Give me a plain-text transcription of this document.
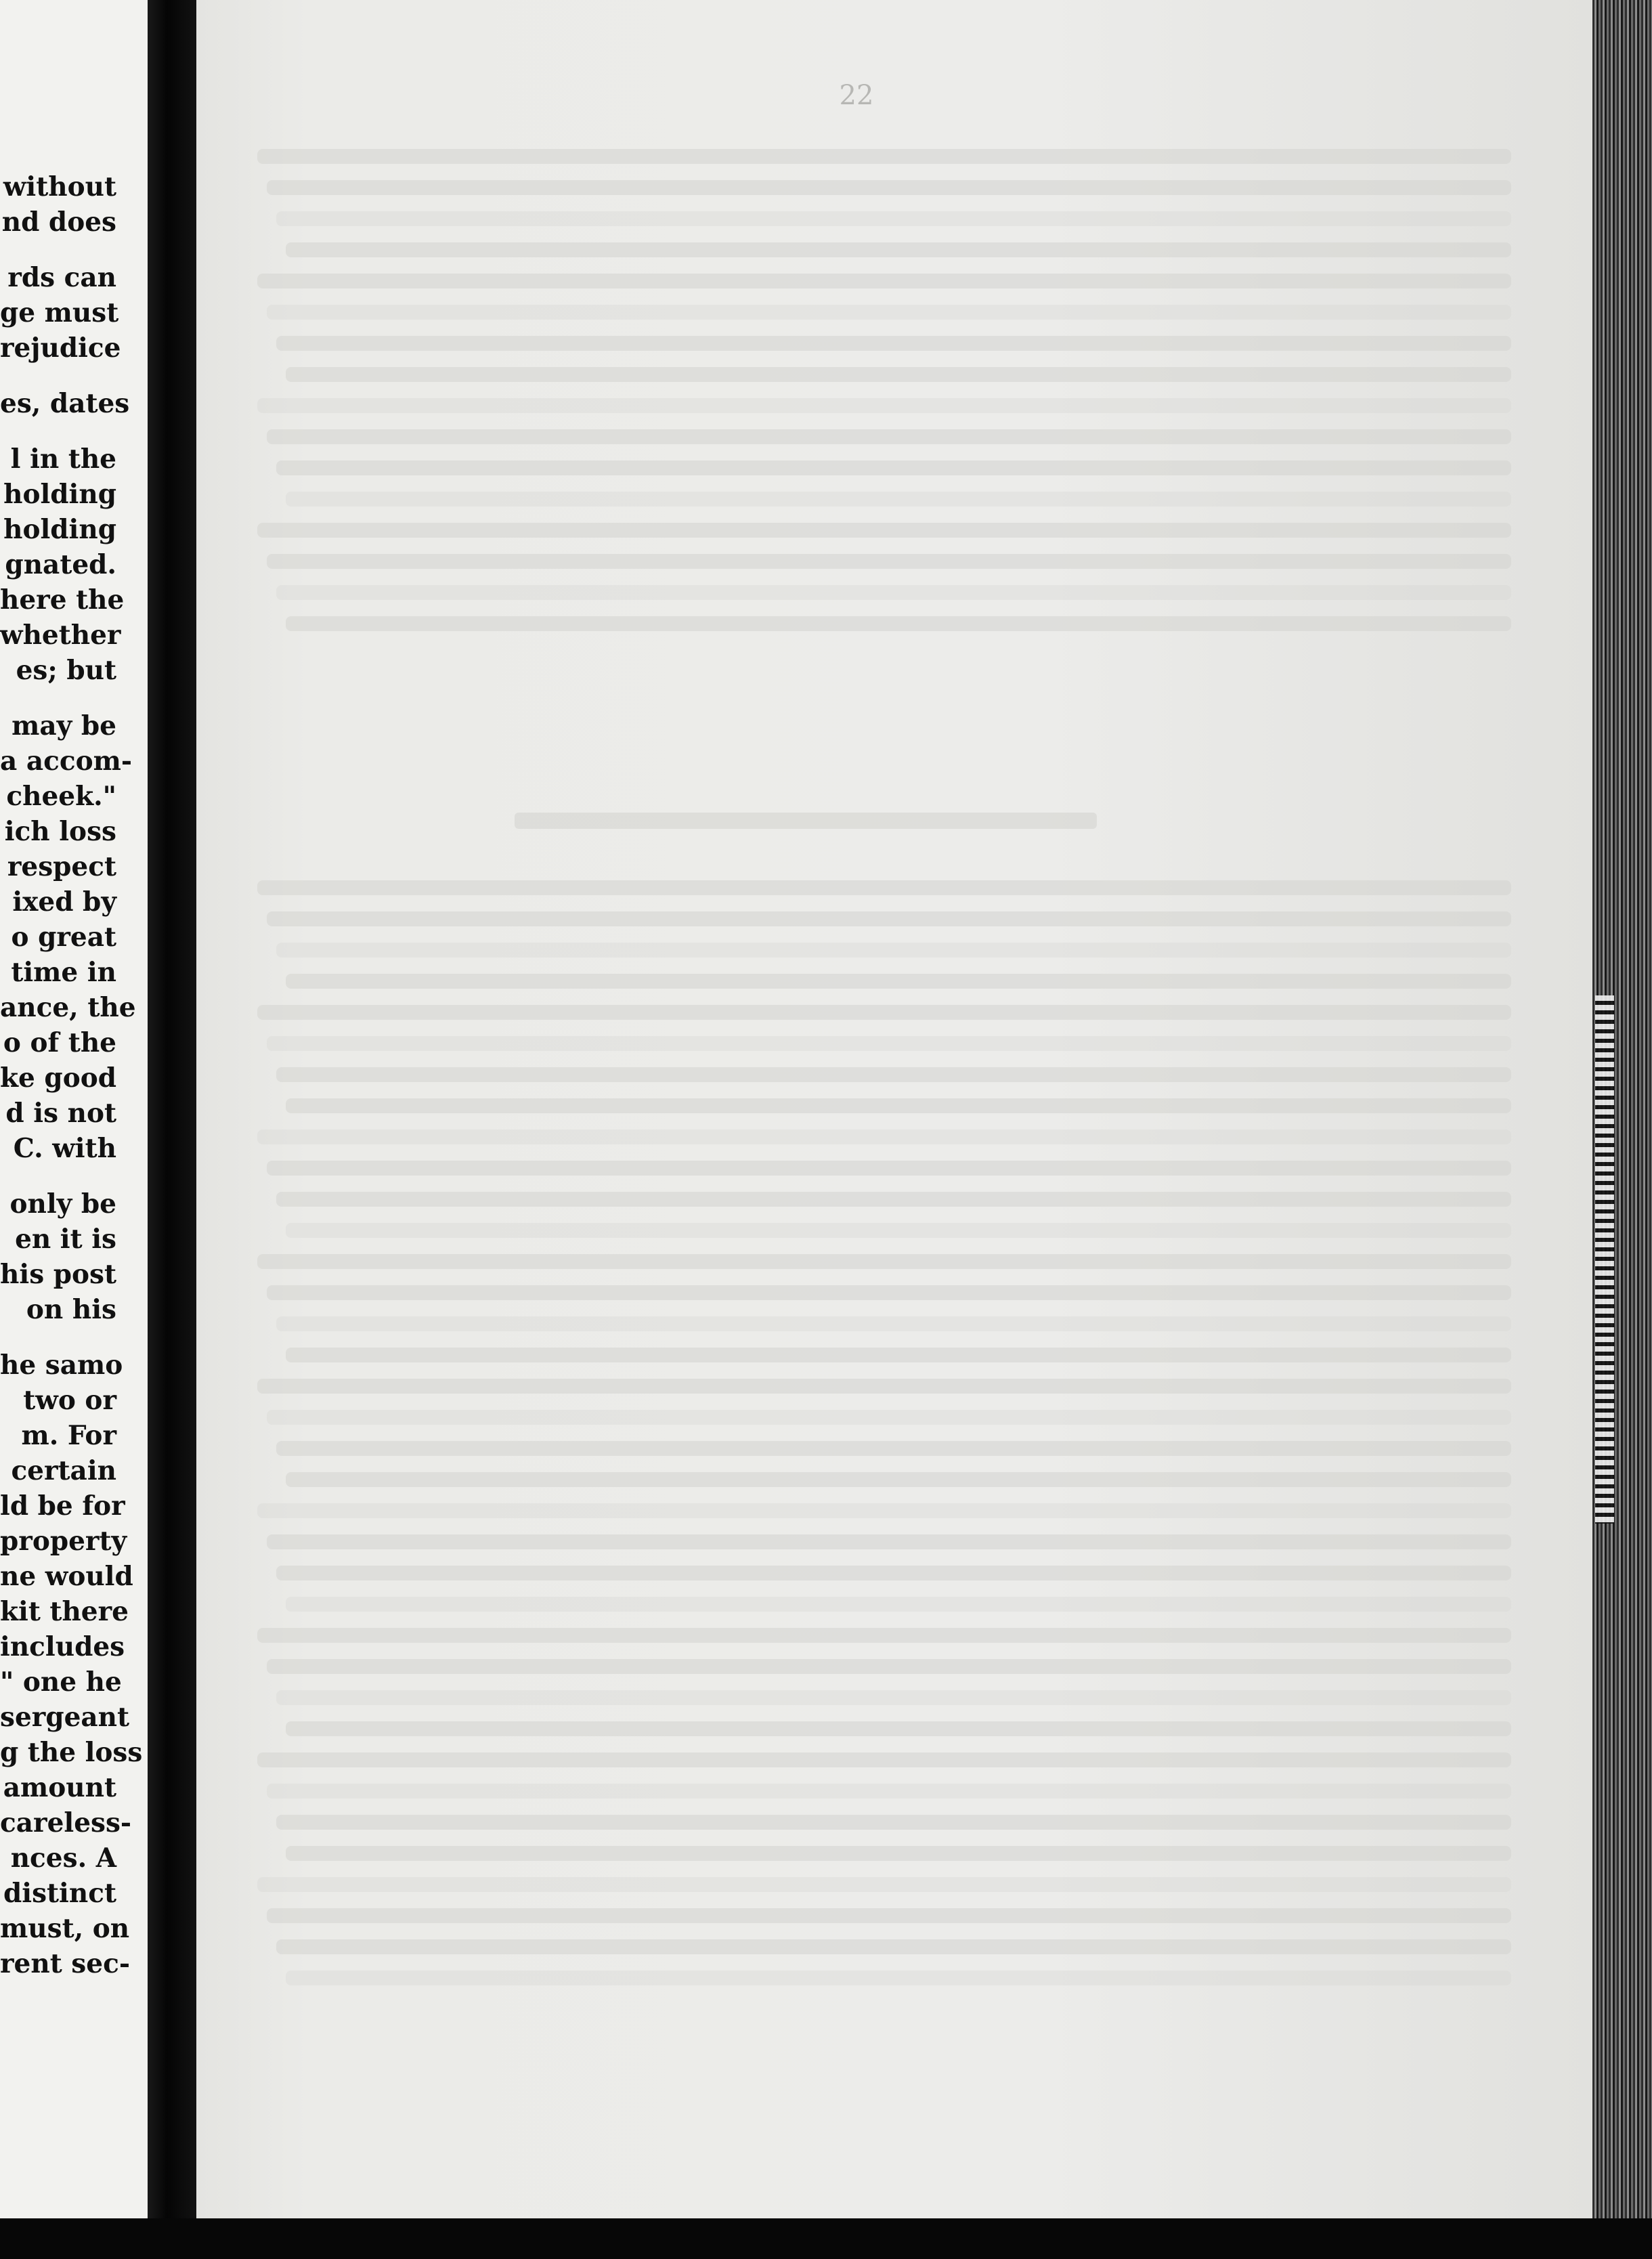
without
nd does
rds can
ge must
rejudice
es, dates
l in the
holding
holding
gnated.
here the
whether
es; but
may be
a accom-
cheek."
ich loss
respect
ixed by
o great
time in
ance, the
o of the
ke good
d is not
C. with
only be
en it is
his post
on his
he samo
two or
m. For
certain
ld be for
property
ne would
kit there
includes
" one he
sergeant
g the loss
amount
careless-
nces. A
distinct
must, on
rent sec-
22
